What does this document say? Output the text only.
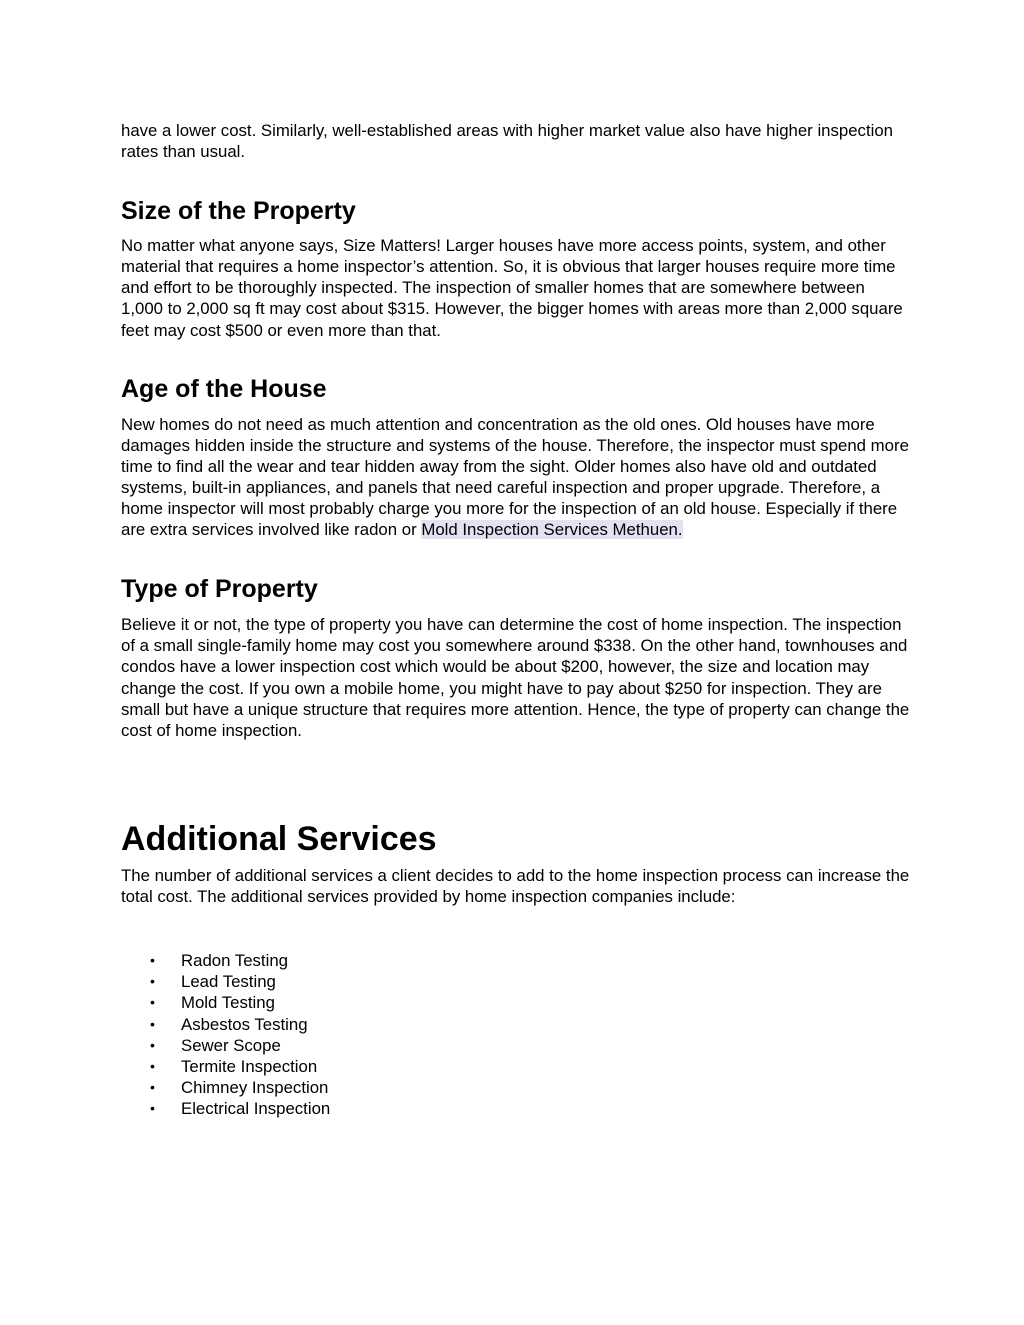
have a lower cost. Similarly, well-established areas with higher market value also have higher inspection rates than usual.

Size of the Property

No matter what anyone says, Size Matters! Larger houses have more access points, system, and other material that requires a home inspector’s attention. So, it is obvious that larger houses require more time and effort to be thoroughly inspected. The inspection of smaller homes that are somewhere between 1,000 to 2,000 sq ft may cost about $315. However, the bigger homes with areas more than 2,000 square feet may cost $500 or even more than that.

Age of the House

New homes do not need as much attention and concentration as the old ones. Old houses have more damages hidden inside the structure and systems of the house. Therefore, the inspector must spend more time to find all the wear and tear hidden away from the sight. Older homes also have old and outdated systems, built-in appliances, and panels that need careful inspection and proper upgrade. Therefore, a home inspector will most probably charge you more for the inspection of an old house. Especially if there are extra services involved like radon or Mold Inspection Services Methuen.

Type of Property

Believe it or not, the type of property you have can determine the cost of home inspection. The inspection of a small single-family home may cost you somewhere around $338. On the other hand, townhouses and condos have a lower inspection cost which would be about $200, however, the size and location may change the cost. If you own a mobile home, you might have to pay about $250 for inspection. They are small but have a unique structure that requires more attention. Hence, the type of property can change the cost of home inspection.

Additional Services

The number of additional services a client decides to add to the home inspection process can increase the total cost. The additional services provided by home inspection companies include:

• Radon Testing
• Lead Testing
• Mold Testing
• Asbestos Testing
• Sewer Scope
• Termite Inspection
• Chimney Inspection
• Electrical Inspection
